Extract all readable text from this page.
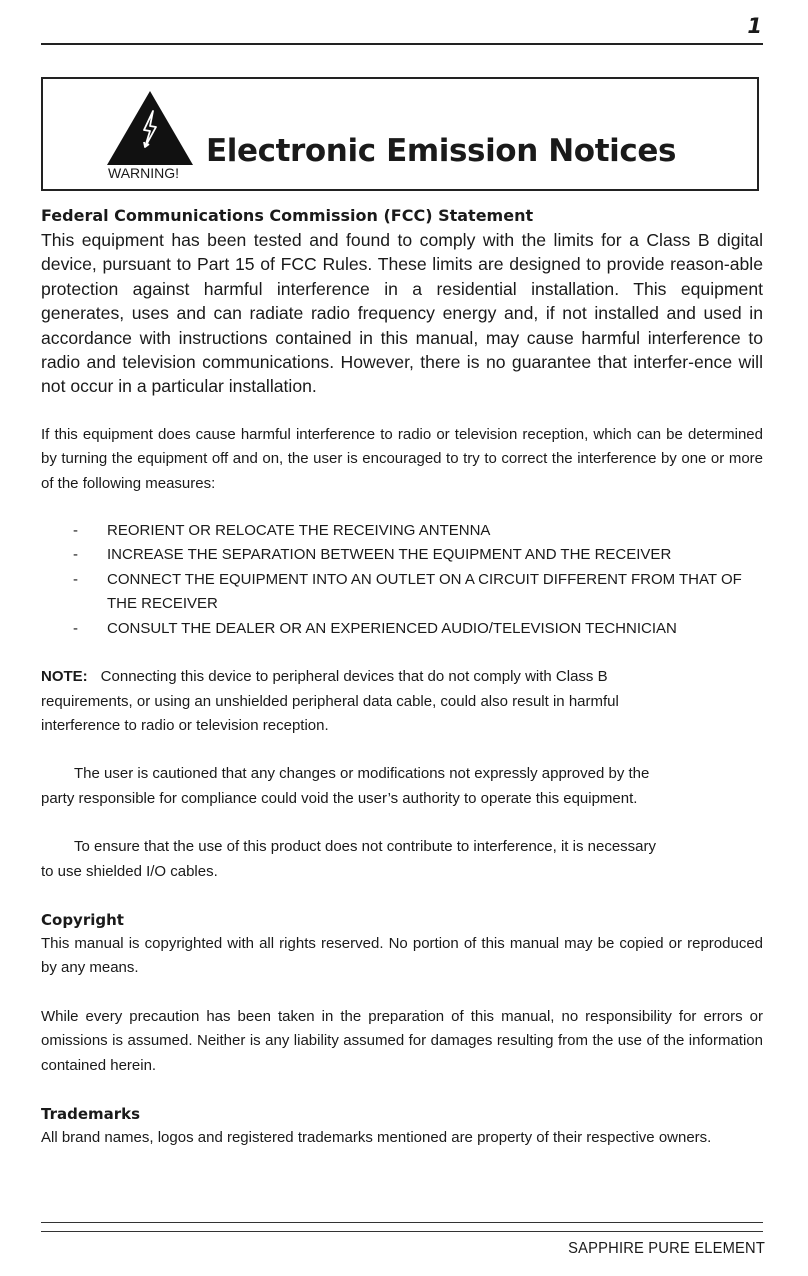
1
WARNING!
Electronic Emission Notices
Federal Communications Commission (FCC) Statement

This equipment has been tested and found to comply with the limits for a Class B digital device, pursuant to Part 15 of FCC Rules. These limits are designed to provide reason-able protection against harmful interference in a residential installation. This equipment generates, uses and can radiate radio frequency energy and, if not installed and used in accordance with instructions contained in this manual, may cause harmful interference to radio and television communications. However, there is no guarantee that interfer-ence will not occur in a particular installation.

If this equipment does cause harmful interference to radio or television reception, which can be determined by turning the equipment off and on, the user is encouraged to try to correct the interference by one or more of the following measures:

- REORIENT OR RELOCATE THE RECEIVING ANTENNA
- INCREASE THE SEPARATION BETWEEN THE EQUIPMENT AND THE RECEIVER
- CONNECT THE EQUIPMENT INTO AN OUTLET ON A CIRCUIT DIFFERENT FROM THAT OF THE RECEIVER
- CONSULT THE DEALER OR AN EXPERIENCED AUDIO/TELEVISION TECHNICIAN

NOTE: Connecting this device to peripheral devices that do not comply with Class B requirements, or using an unshielded peripheral data cable, could also result in harmful interference to radio or television reception.

The user is cautioned that any changes or modifications not expressly approved by the party responsible for compliance could void the user’s authority to operate this equipment.

To ensure that the use of this product does not contribute to interference, it is necessary to use shielded I/O cables.

Copyright

This manual is copyrighted with all rights reserved. No portion of this manual may be copied or reproduced by any means.

While every precaution has been taken in the preparation of this manual, no responsibility for errors or omissions is assumed. Neither is any liability assumed for damages resulting from the use of the information contained herein.

Trademarks

All brand names, logos and registered trademarks mentioned are property of their respective owners.

SAPPHIRE PURE ELEMENT
